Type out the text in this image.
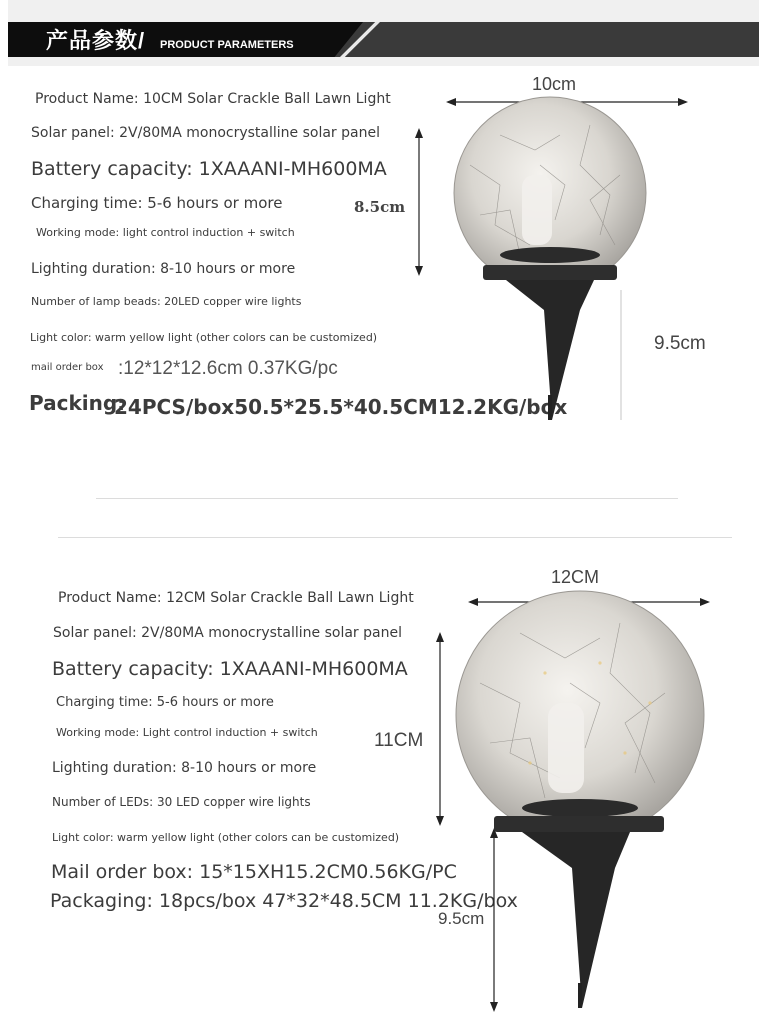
产品参数/ PRODUCT PARAMETERS
Product Name: 10CM Solar Crackle Ball Lawn Light
Solar panel: 2V/80MA monocrystalline solar panel
Battery capacity: 1XAAANI-MH600MA
Charging time: 5-6 hours or more
Working mode: light control induction + switch
Lighting duration: 8-10 hours or more
Number of lamp beads: 20LED copper wire lights
Light color: warm yellow light (other colors can be customized)
mail order box :12*12*12.6cm 0.37KG/pc
Packing:
24PCS/box50.5*25.5*40.5CM12.2KG/box
10cm
8.5cm
9.5cm
Product Name: 12CM Solar Crackle Ball Lawn Light
Solar panel: 2V/80MA monocrystalline solar panel
Battery capacity: 1XAAANI-MH600MA
Charging time: 5-6 hours or more
Working mode: Light control induction + switch
Lighting duration: 8-10 hours or more
Number of LEDs: 30 LED copper wire lights
Light color: warm yellow light (other colors can be customized)
Mail order box: 15*15XH15.2CM0.56KG/PC
Packaging: 18pcs/box 47*32*48.5CM 11.2KG/box
12CM
11CM
9.5cm
